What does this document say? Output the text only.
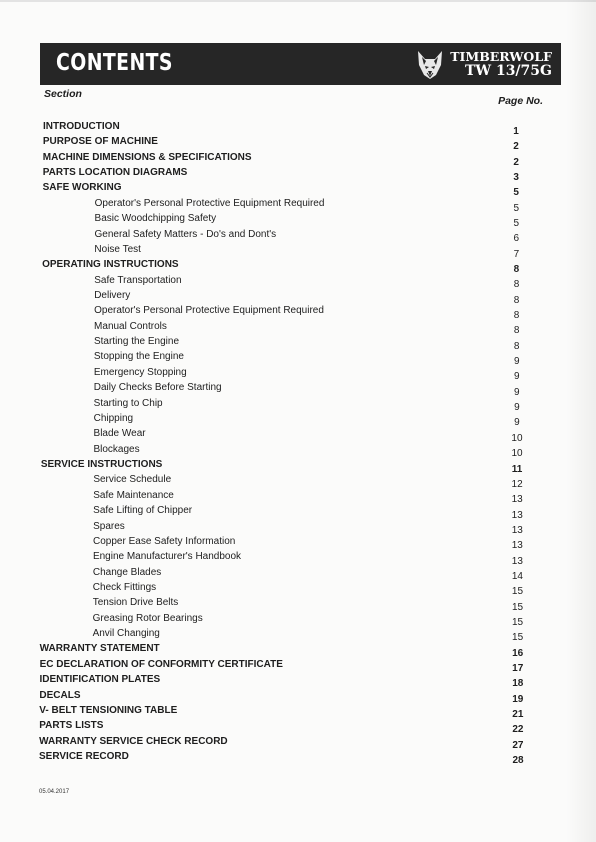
CONTENTS	TIMBERWOLF
TW 13/75G
Section
Page No.
INTRODUCTION	1
PURPOSE OF MACHINE	2
MACHINE DIMENSIONS & SPECIFICATIONS	2
PARTS LOCATION DIAGRAMS	3
SAFE WORKING	5
Operator's Personal Protective Equipment Required	5
Basic Woodchipping Safety	5
General Safety Matters - Do's and Dont's	6
Noise Test	7
OPERATING INSTRUCTIONS	8
Safe Transportation	8
Delivery	8
Operator's Personal Protective Equipment Required	8
Manual Controls	8
Starting the Engine	8
Stopping the Engine	9
Emergency Stopping	9
Daily Checks Before Starting	9
Starting to Chip	9
Chipping	9
Blade Wear	10
Blockages	10
SERVICE INSTRUCTIONS	11
Service Schedule	12
Safe Maintenance	13
Safe Lifting of Chipper	13
Spares	13
Copper Ease Safety Information	13
Engine Manufacturer's Handbook	13
Change Blades	14
Check Fittings	15
Tension Drive Belts	15
Greasing Rotor Bearings	15
Anvil Changing	15
WARRANTY STATEMENT	16
EC DECLARATION OF CONFORMITY CERTIFICATE	17
IDENTIFICATION PLATES	18
DECALS	19
V- BELT TENSIONING TABLE	21
PARTS LISTS	22
WARRANTY SERVICE CHECK RECORD	27
SERVICE RECORD	28
05.04.2017
